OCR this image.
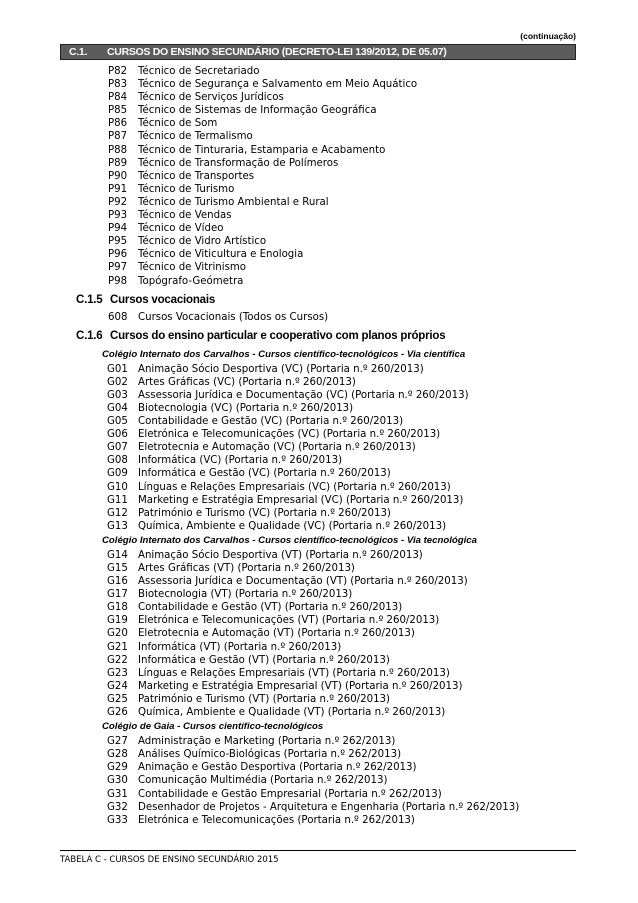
(continuação)
C.1. CURSOS DO ENSINO SECUNDÁRIO (DECRETO-LEI 139/2012, DE 05.07)
P82 Técnico de Secretariado
P83 Técnico de Segurança e Salvamento em Meio Aquático
P84 Técnico de Serviços Jurídicos
P85 Técnico de Sistemas de Informação Geográfica
P86 Técnico de Som
P87 Técnico de Termalismo
P88 Técnico de Tinturaria, Estamparia e Acabamento
P89 Técnico de Transformação de Polímeros
P90 Técnico de Transportes
P91 Técnico de Turismo
P92 Técnico de Turismo Ambiental e Rural
P93 Técnico de Vendas
P94 Técnico de Vídeo
P95 Técnico de Vidro Artístico
P96 Técnico de Viticultura e Enologia
P97 Técnico de Vitrinismo
P98 Topógrafo-Geómetra
C.1.5 Cursos vocacionais
608 Cursos Vocacionais (Todos os Cursos)
C.1.6 Cursos do ensino particular e cooperativo com planos próprios
Colégio Internato dos Carvalhos - Cursos científico-tecnológicos - Via científica
G01 Animação Sócio Desportiva (VC) (Portaria n.º 260/2013)
G02 Artes Gráficas (VC) (Portaria n.º 260/2013)
G03 Assessoria Jurídica e Documentação (VC) (Portaria n.º 260/2013)
G04 Biotecnologia (VC) (Portaria n.º 260/2013)
G05 Contabilidade e Gestão (VC) (Portaria n.º 260/2013)
G06 Eletrónica e Telecomunicações (VC) (Portaria n.º 260/2013)
G07 Eletrotecnia e Automação (VC) (Portaria n.º 260/2013)
G08 Informática (VC) (Portaria n.º 260/2013)
G09 Informática e Gestão (VC) (Portaria n.º 260/2013)
G10 Línguas e Relações Empresariais (VC) (Portaria n.º 260/2013)
G11 Marketing e Estratégia Empresarial (VC) (Portaria n.º 260/2013)
G12 Património e Turismo (VC) (Portaria n.º 260/2013)
G13 Química, Ambiente e Qualidade (VC) (Portaria n.º 260/2013)
Colégio Internato dos Carvalhos - Cursos científico-tecnológicos - Via tecnológica
G14 Animação Sócio Desportiva (VT) (Portaria n.º 260/2013)
G15 Artes Gráficas (VT) (Portaria n.º 260/2013)
G16 Assessoria Jurídica e Documentação (VT) (Portaria n.º 260/2013)
G17 Biotecnologia (VT) (Portaria n.º 260/2013)
G18 Contabilidade e Gestão (VT) (Portaria n.º 260/2013)
G19 Eletrónica e Telecomunicações (VT) (Portaria n.º 260/2013)
G20 Eletrotecnia e Automação (VT) (Portaria n.º 260/2013)
G21 Informática (VT) (Portaria n.º 260/2013)
G22 Informática e Gestão (VT) (Portaria n.º 260/2013)
G23 Línguas e Relações Empresariais (VT) (Portaria n.º 260/2013)
G24 Marketing e Estratégia Empresarial (VT) (Portaria n.º 260/2013)
G25 Património e Turismo (VT) (Portaria n.º 260/2013)
G26 Química, Ambiente e Qualidade (VT) (Portaria n.º 260/2013)
Colégio de Gaia - Cursos científico-tecnológicos
G27 Administração e Marketing (Portaria n.º 262/2013)
G28 Análises Químico-Biológicas (Portaria n.º 262/2013)
G29 Animação e Gestão Desportiva (Portaria n.º 262/2013)
G30 Comunicação Multimédia (Portaria n.º 262/2013)
G31 Contabilidade e Gestão Empresarial (Portaria n.º 262/2013)
G32 Desenhador de Projetos - Arquitetura e Engenharia (Portaria n.º 262/2013)
G33 Eletrónica e Telecomunicações (Portaria n.º 262/2013)
TABELA C - CURSOS DE ENSINO SECUNDÁRIO 2015
